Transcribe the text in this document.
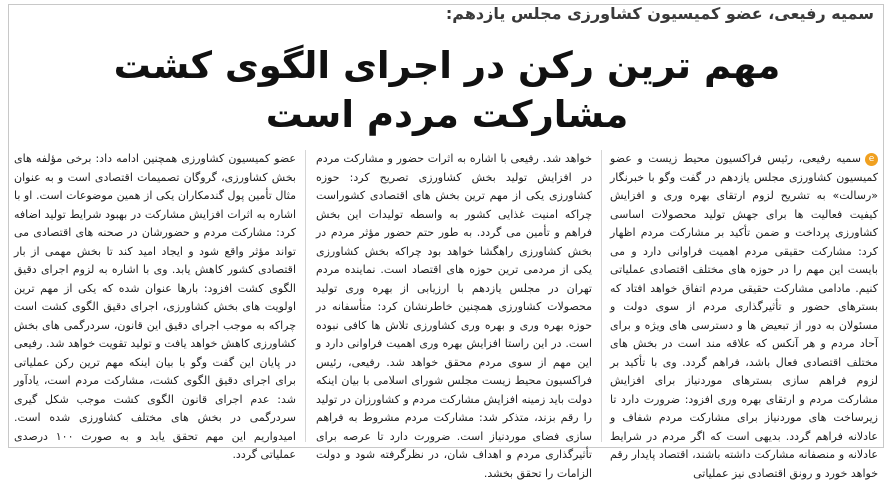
سمیه رفیعی، عضو کمیسیون کشاورزی مجلس یازدهم:
مهم ترین رکن در اجرای الگوی کشت
مشارکت مردم است

eسمیه رفیعی، رئیس فراکسیون محیط زیست و عضو کمیسیون کشاورزی مجلس یازدهم در گفت وگو با خبرنگار «رسالت» به تشریح لزوم ارتقای بهره وری و افزایش کیفیت فعالیت ها برای جهش تولید محصولات اساسی کشاورزی پرداخت و ضمن تأکید بر مشارکت مردم اظهار کرد: مشارکت حقیقی مردم اهمیت فراوانی دارد و می بایست این مهم را در حوزه های مختلف اقتصادی عملیاتی کنیم. مادامی مشارکت حقیقی مردم اتفاق خواهد افتاد که بسترهای حضور و تأثیرگذاری مردم از سوی دولت و مسئولان به دور از تبعیض ها و دسترسی های ویژه و برای آحاد مردم و هر آنکس که علاقه مند است در بخش های مختلف اقتصادی فعال باشد، فراهم گردد. وی با تأکید بر لزوم فراهم سازی بسترهای موردنیاز برای افزایش مشارکت مردم و ارتقای بهره وری افزود: ضرورت دارد تا زیرساخت های موردنیاز برای مشارکت مردم شفاف و عادلانه فراهم گردد. بدیهی است که اگر مردم در شرایط عادلانه و منصفانه مشارکت داشته باشند، اقتصاد پایدار رقم خواهد خورد و رونق اقتصادی نیز عملیاتی

خواهد شد. رفیعی با اشاره به اثرات حضور و مشارکت مردم در افزایش تولید بخش کشاورزی تصریح کرد: حوزه کشاورزی یکی از مهم ترین بخش های اقتصادی کشوراست چراکه امنیت غذایی کشور به واسطه تولیدات این بخش فراهم و تأمین می گردد. به طور حتم حضور مؤثر مردم در بخش کشاورزی راهگشا خواهد بود چراکه بخش کشاورزی یکی از مردمی ترین حوزه های اقتصاد است. نماینده مردم تهران در مجلس یازدهم با ارزیابی از بهره وری تولید محصولات کشاورزی همچنین خاطرنشان کرد: متأسفانه در حوزه بهره وری و بهره وری کشاورزی تلاش ها کافی نبوده است. در این راستا افزایش بهره وری اهمیت فراوانی دارد و این مهم از سوی مردم محقق خواهد شد. رفیعی، رئیس فراکسیون محیط زیست مجلس شورای اسلامی با بیان اینکه دولت باید زمینه افزایش مشارکت مردم و کشاورزان در تولید را رقم بزند، متذکر شد: مشارکت مردم مشروط به فراهم سازی فضای موردنیاز است. ضرورت دارد تا عرصه برای تأثیرگذاری مردم و اهداف شان، در نظرگرفته شود و دولت الزامات را تحقق بخشد.

عضو کمیسیون کشاورزی همچنین ادامه داد: برخی مؤلفه های بخش کشاورزی، گروگان تصمیمات اقتصادی است و به عنوان مثال تأمین پول گندمکاران یکی از همین موضوعات است. او با اشاره به اثرات افزایش مشارکت در بهبود شرایط تولید اضافه کرد: مشارکت مردم و حضورشان در صحنه های اقتصادی می تواند مؤثر واقع شود و ایجاد امید کند تا بخش مهمی از بار اقتصادی کشور کاهش یابد. وی با اشاره به لزوم اجرای دقیق الگوی کشت افزود: بارها عنوان شده که یکی از مهم ترین اولویت های بخش کشاورزی، اجرای دقیق الگوی کشت است چراکه به موجب اجرای دقیق این قانون، سردرگمی های بخش کشاورزی کاهش خواهد یافت و تولید تقویت خواهد شد. رفیعی در پایان این گفت وگو با بیان اینکه مهم ترین رکن عملیاتی برای اجرای دقیق الگوی کشت، مشارکت مردم است، یادآور شد: عدم اجرای قانون الگوی کشت موجب شکل گیری سردرگمی در بخش های مختلف کشاورزی شده است. امیدواریم این مهم تحقق یابد و به صورت ۱۰۰ درصدی عملیاتی گردد.
